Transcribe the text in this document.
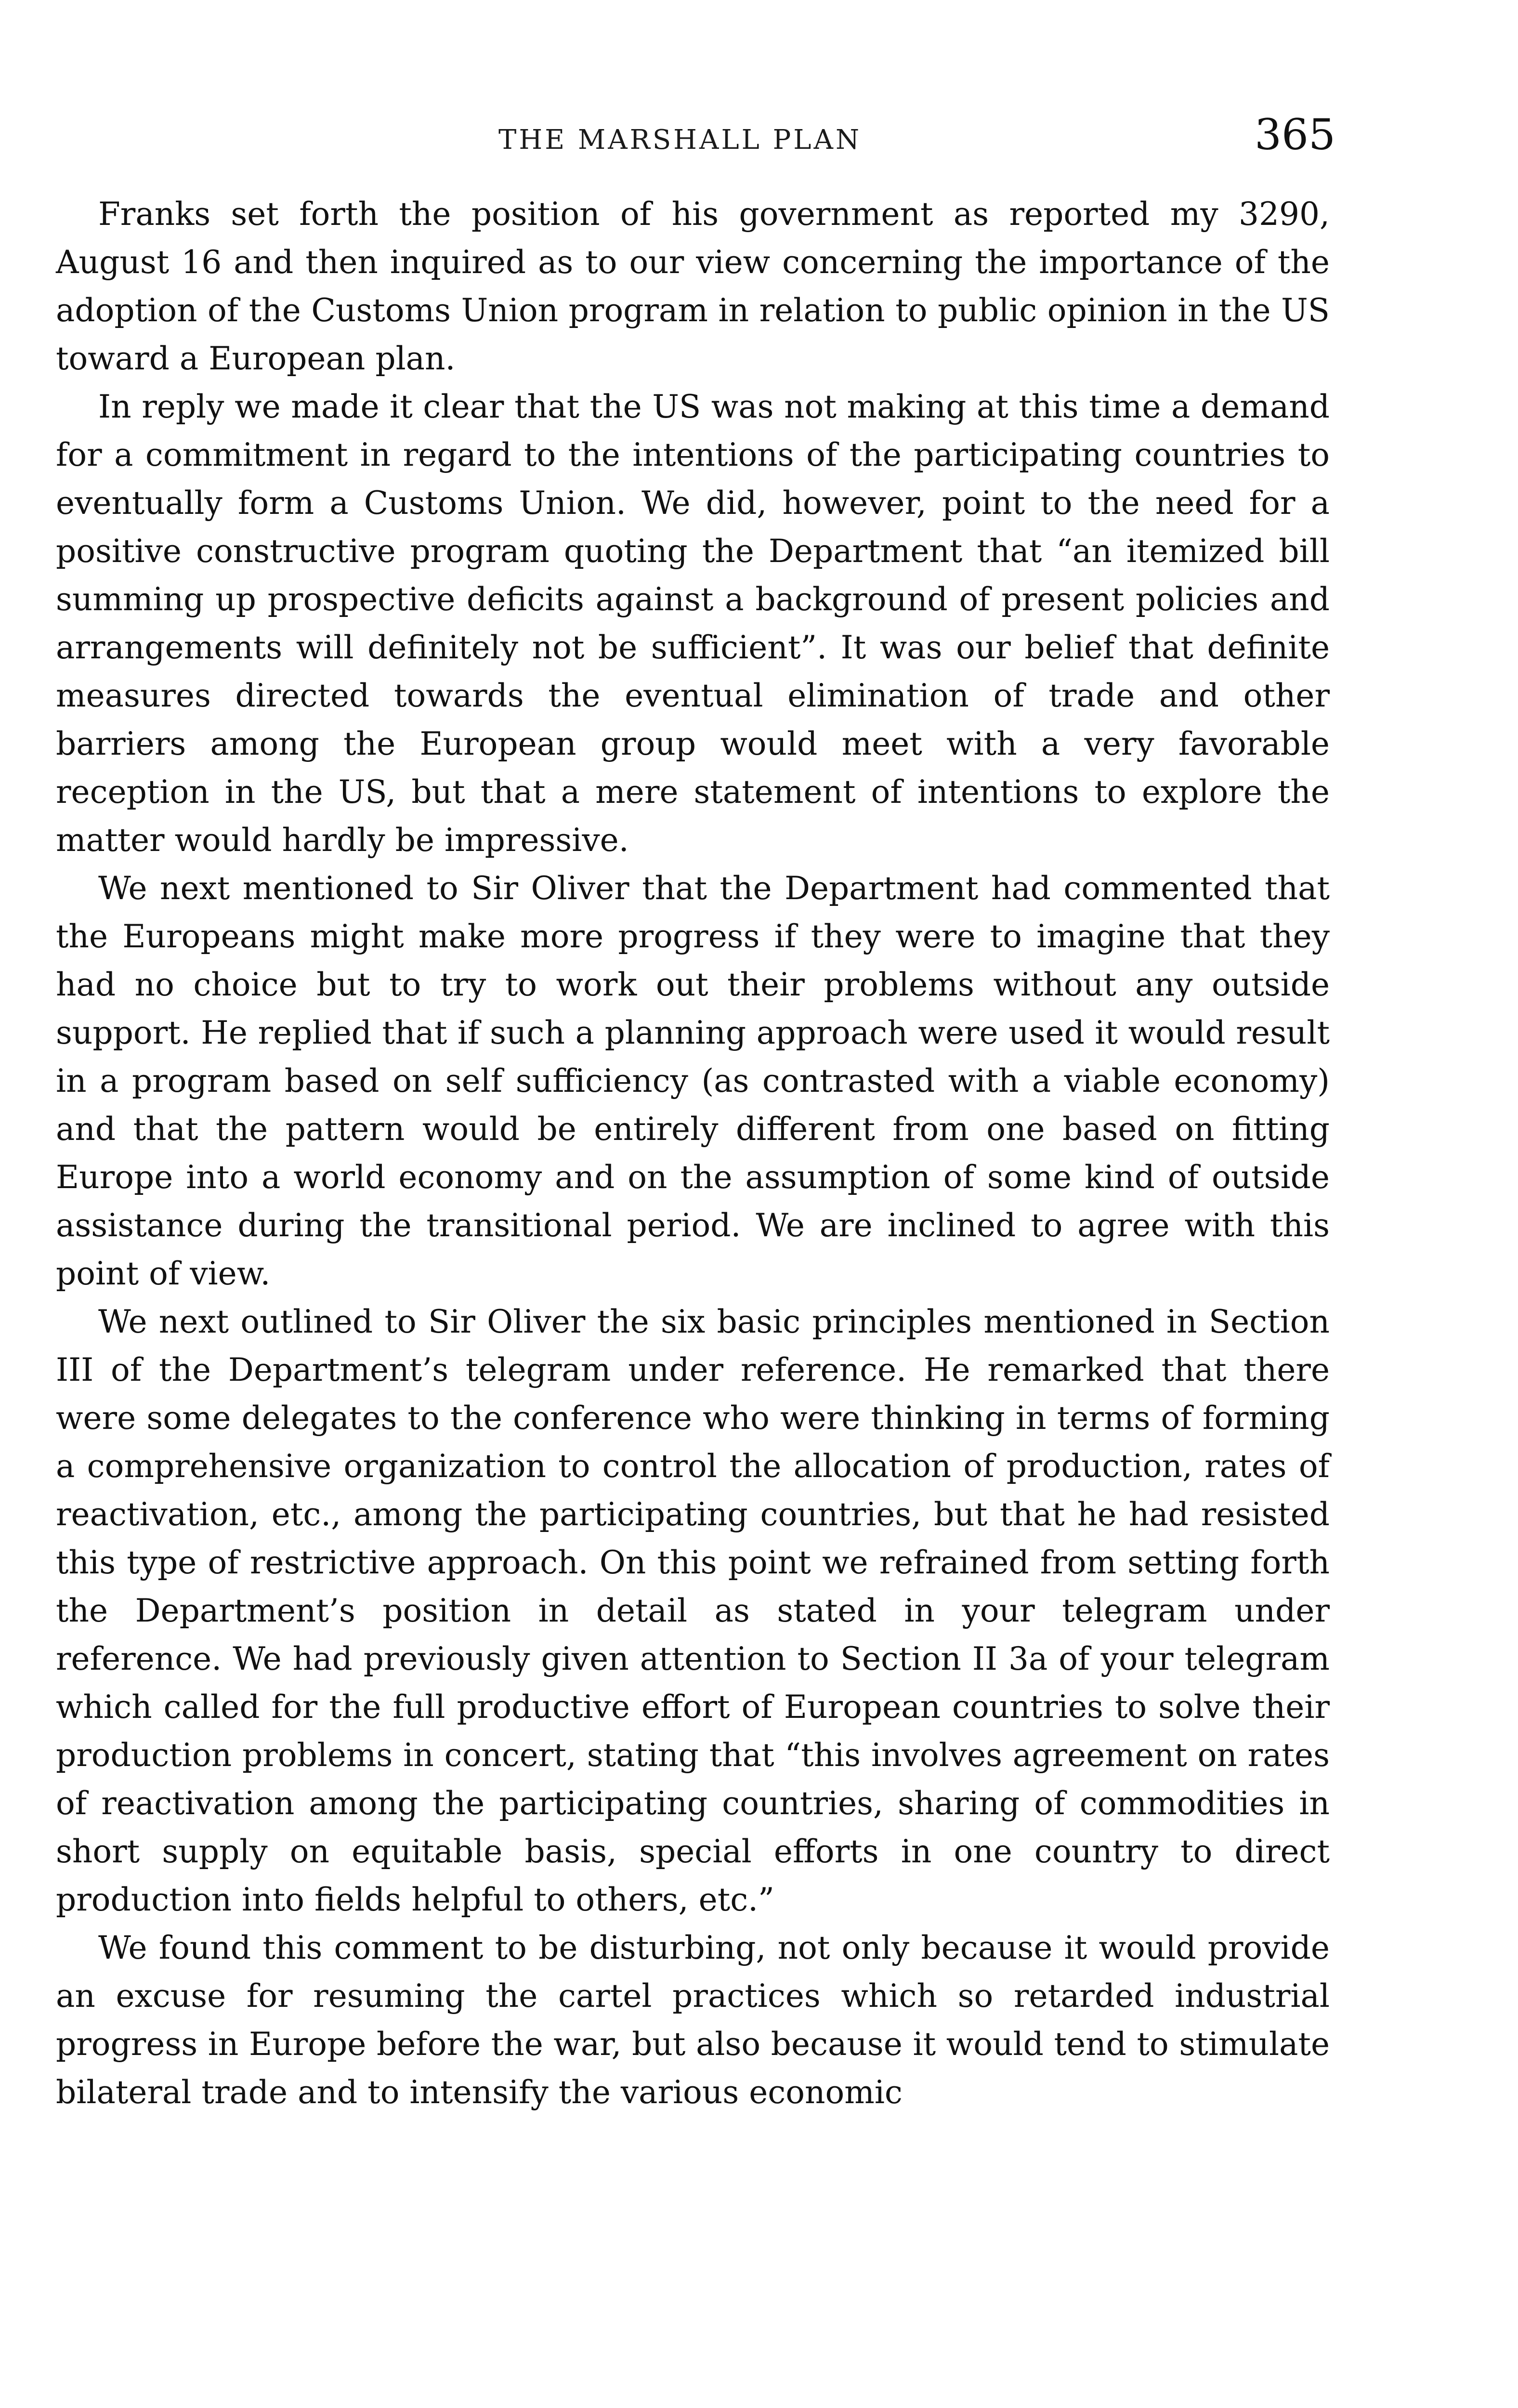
THE MARSHALL PLAN	365

Franks set forth the position of his government as reported my 3290, August 16 and then inquired as to our view concerning the importance of the adoption of the Customs Union program in relation to public opinion in the US toward a European plan.

In reply we made it clear that the US was not making at this time a demand for a commitment in regard to the intentions of the participating countries to eventually form a Customs Union. We did, however, point to the need for a positive constructive program quoting the Department that “an itemized bill summing up prospective deficits against a background of present policies and arrangements will definitely not be sufficient”. It was our belief that definite measures directed towards the eventual elimination of trade and other barriers among the European group would meet with a very favorable reception in the US, but that a mere statement of intentions to explore the matter would hardly be impressive.

We next mentioned to Sir Oliver that the Department had commented that the Europeans might make more progress if they were to imagine that they had no choice but to try to work out their problems without any outside support. He replied that if such a planning approach were used it would result in a program based on self sufficiency (as contrasted with a viable economy) and that the pattern would be entirely different from one based on fitting Europe into a world economy and on the assumption of some kind of outside assistance during the transitional period. We are inclined to agree with this point of view.

We next outlined to Sir Oliver the six basic principles mentioned in Section III of the Department’s telegram under reference. He remarked that there were some delegates to the conference who were thinking in terms of forming a comprehensive organization to control the allocation of production, rates of reactivation, etc., among the participating countries, but that he had resisted this type of restrictive approach. On this point we refrained from setting forth the Department’s position in detail as stated in your telegram under reference. We had previously given attention to Section II 3a of your telegram which called for the full productive effort of European countries to solve their production problems in concert, stating that “this involves agreement on rates of reactivation among the participating countries, sharing of commodities in short supply on equitable basis, special efforts in one country to direct production into fields helpful to others, etc.”

We found this comment to be disturbing, not only because it would provide an excuse for resuming the cartel practices which so retarded industrial progress in Europe before the war, but also because it would tend to stimulate bilateral trade and to intensify the various economic
